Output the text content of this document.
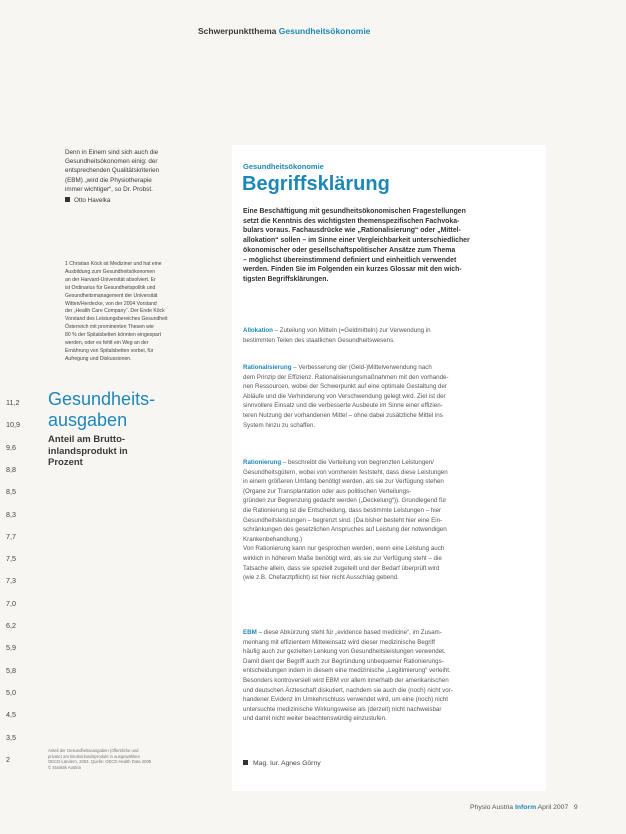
Schwerpunktthema Gesundheitsökonomie
Denn in Einem sind sich auch die
Gesundheitsökonomen einig: der
entsprechenden Qualitätskriterien
(EBM) „wird die Physiotherapie
immer wichtiger“, so Dr. Probst.
Otto Havelka
1 Christian Köck ist Mediziner und hat eine
Ausbildung zum Gesundheitsökonomen
an der Harvard-Universität absolviert. Er
ist Ordinarius für Gesundheitspolitik und
Gesundheitsmanagement der Universität
Witten/Herdecke, von der 2004 Vorstand
der „Health Care Company“. Der Ende Köck
Vorstand des Leistungsbereiches Gesundheit
Österreich mit prominenten Thesen wie
80 % der Spitalsbetten könnten eingespart
werden, oder es fehlt ein Weg an der
Ernährung von Spitalsbetten vorbei, für
Aufregung und Diskussionen.
Gesundheits-
ausgaben
Anteil am Brutto-
inlandsprodukt in
Prozent
11,2
10,9
9,6
8,8
8,5
8,3
7,7
7,5
7,3
7,0
6,2
5,9
5,8
5,0
4,5
3,5
2
Anteil der Gesundheitsausgaben (öffentliche und
private) am Bruttoinlandsprodukt in ausgewählten
OECD-Ländern, 2003. Quelle: OECD Health Data 2005
© Statistik Austria
Gesundheitsökonomie
Begriffsklärung
Eine Beschäftigung mit gesundheitsökonomischen Fragestellungen
setzt die Kenntnis des wichtigsten themenspezifischen Fachvoka-
bulars voraus. Fachausdrücke wie „Rationalisierung“ oder „Mittel-
allokation“ sollen – im Sinne einer Vergleichbarkeit unterschiedlicher
ökonomischer oder gesellschaftspolitischer Ansätze zum Thema
– möglichst übereinstimmend definiert und einheitlich verwendet
werden. Finden Sie im Folgenden ein kurzes Glossar mit den wich-
tigsten Begriffsklärungen.
Allokation – Zuteilung von Mitteln (=Geldmitteln) zur Verwendung in
bestimmten Teilen des staatlichen Gesundheitswesens.
Rationalisierung – Verbesserung der (Geld-)Mittelverwendung nach
dem Prinzip der Effizienz. Rationalisierungsmaßnahmen mit den vorhande-
nen Ressourcen, wobei der Schwerpunkt auf eine optimale Gestaltung der
Abläufe und die Verhinderung von Verschwendung gelegt wird. Ziel ist der
sinnvollere Einsatz und die verbesserte Ausbeute im Sinne einer effizien-
teren Nutzung der vorhandenen Mittel – ohne dabei zusätzliche Mittel ins
System hinzu zu schaffen.
Rationierung – beschreibt die Verteilung von begrenzten Leistungen/
Gesundheitsgütern, wobei von vornherein feststeht, dass diese Leistungen
in einem größeren Umfang benötigt werden, als sie zur Verfügung stehen
(Organe zur Transplantation oder aus politischen Verteilungs-
gründen zur Begrenzung gedacht werden („Deckelung“)). Grundlegend für
die Rationierung ist die Entscheidung, dass bestimmte Leistungen – hier
Gesundheitsleistungen – begrenzt sind. (Da bisher besteht hier eine Ein-
schränkungen des gesetzlichen Anspruches auf Leistung der notwendigen
Krankenbehandlung.)
Von Rationierung kann nur gesprochen werden, wenn eine Leistung auch
wirklich in höherem Maße benötigt wird, als sie zur Verfügung steht – die
Tatsache allein, dass sie speziell zugeteilt und der Bedarf überprüft wird
(wie z.B. Chefarztpflicht) ist hier nicht Ausschlag gebend.
EBM – diese Abkürzung steht für „evidence based medicine“, im Zusam-
menhang mit effizientem Mitteleinsatz wird dieser medizinische Begriff
häufig auch zur gezielten Lenkung von Gesundheitsleistungen verwendet.
Damit dient der Begriff auch zur Begründung unbequemer Rationierungs-
entscheidungen indem in diesem eine medizinische „Legitimierung“ verleiht.
Besonders kontroversiell wird EBM vor allem innerhalb der amerikanischen
und deutschen Ärzteschaft diskutiert, nachdem sie auch die (noch) nicht vor-
handener Evidenz im Umkehrschluss verwendet wird, um eine (noch) nicht
untersuchte medizinische Wirkungsweise als (derzeit) nicht nachweisbar
und damit nicht weiter beachtenswürdig einzustufen.
Mag. Iur. Agnes Görny
Physio Austria Inform April 2007 9
